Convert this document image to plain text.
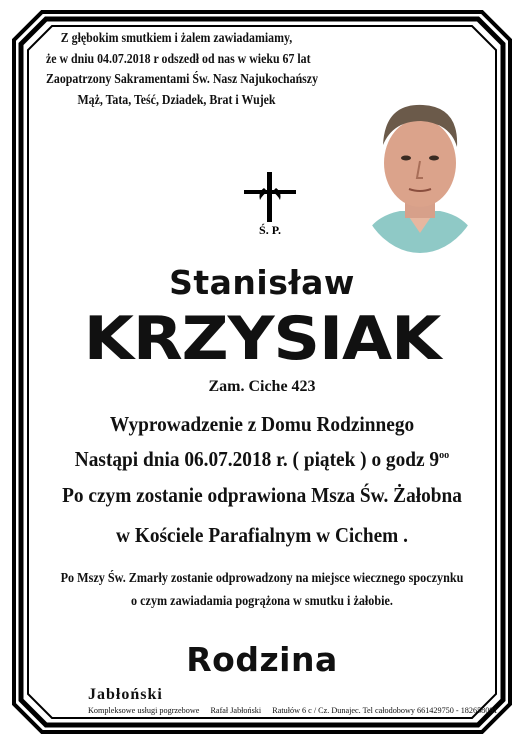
Z głębokim smutkiem i żalem zawiadamiamy,
że w dniu 04.07.2018 r odszedł od nas w wieku 67 lat
Zaopatrzony Sakramentami Św. Nasz Najukochańszy
Mąż, Tata, Teść, Dziadek, Brat i Wujek
Ś. P.
Stanisław
KRZYSIAK
Zam. Ciche 423
Wyprowadzenie z Domu Rodzinnego
Nastąpi dnia 06.07.2018 r. ( piątek ) o godz $9^{oo}$
Po czym zostanie odprawiona Msza Św. Żałobna
w Kościele Parafialnym w Cichem .
Po Mszy Św. Zmarły zostanie odprowadzony na miejsce wiecznego spoczynku
o czym zawiadamia pogrążona w smutku i żałobie.
Rodzina
Jabłoński
Kompleksowe usługi pogrzebowe Rafał Jabłoński Ratułów 6 c / Cz. Dunajec. Tel całodobowy 661429750 - 182658091
